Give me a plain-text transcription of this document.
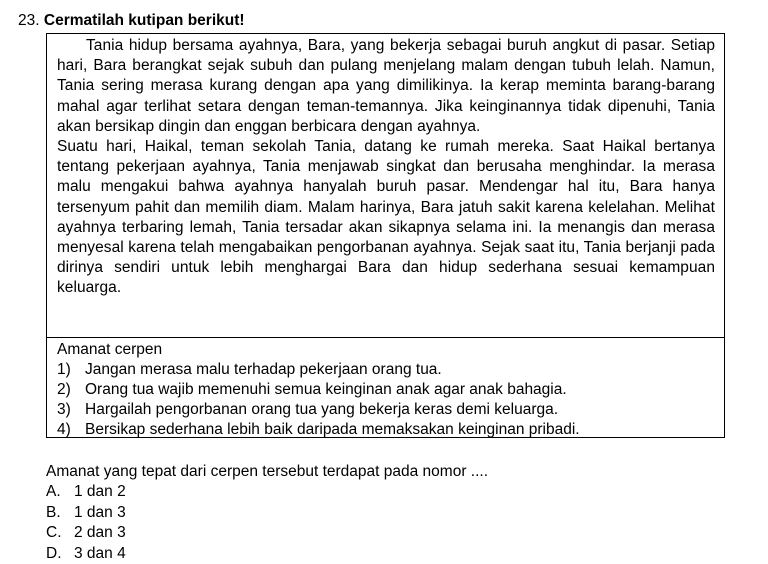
23. Cermatilah kutipan berikut!

Tania hidup bersama ayahnya, Bara, yang bekerja sebagai buruh angkut di pasar. Setiap hari, Bara berangkat sejak subuh dan pulang menjelang malam dengan tubuh lelah. Namun, Tania sering merasa kurang dengan apa yang dimilikinya. Ia kerap meminta barang-barang mahal agar terlihat setara dengan teman-temannya. Jika keinginannya tidak dipenuhi, Tania akan bersikap dingin dan enggan berbicara dengan ayahnya.

Suatu hari, Haikal, teman sekolah Tania, datang ke rumah mereka. Saat Haikal bertanya tentang pekerjaan ayahnya, Tania menjawab singkat dan berusaha menghindar. Ia merasa malu mengakui bahwa ayahnya hanyalah buruh pasar. Mendengar hal itu, Bara hanya tersenyum pahit dan memilih diam. Malam harinya, Bara jatuh sakit karena kelelahan. Melihat ayahnya terbaring lemah, Tania tersadar akan sikapnya selama ini. Ia menangis dan merasa menyesal karena telah mengabaikan pengorbanan ayahnya. Sejak saat itu, Tania berjanji pada dirinya sendiri untuk lebih menghargai Bara dan hidup sederhana sesuai kemampuan keluarga.

Amanat cerpen
1) Jangan merasa malu terhadap pekerjaan orang tua.
2) Orang tua wajib memenuhi semua keinginan anak agar anak bahagia.
3) Hargailah pengorbanan orang tua yang bekerja keras demi keluarga.
4) Bersikap sederhana lebih baik daripada memaksakan keinginan pribadi.
Amanat yang tepat dari cerpen tersebut terdapat pada nomor ....
A. 1 dan 2
B. 1 dan 3
C. 2 dan 3
D. 3 dan 4
